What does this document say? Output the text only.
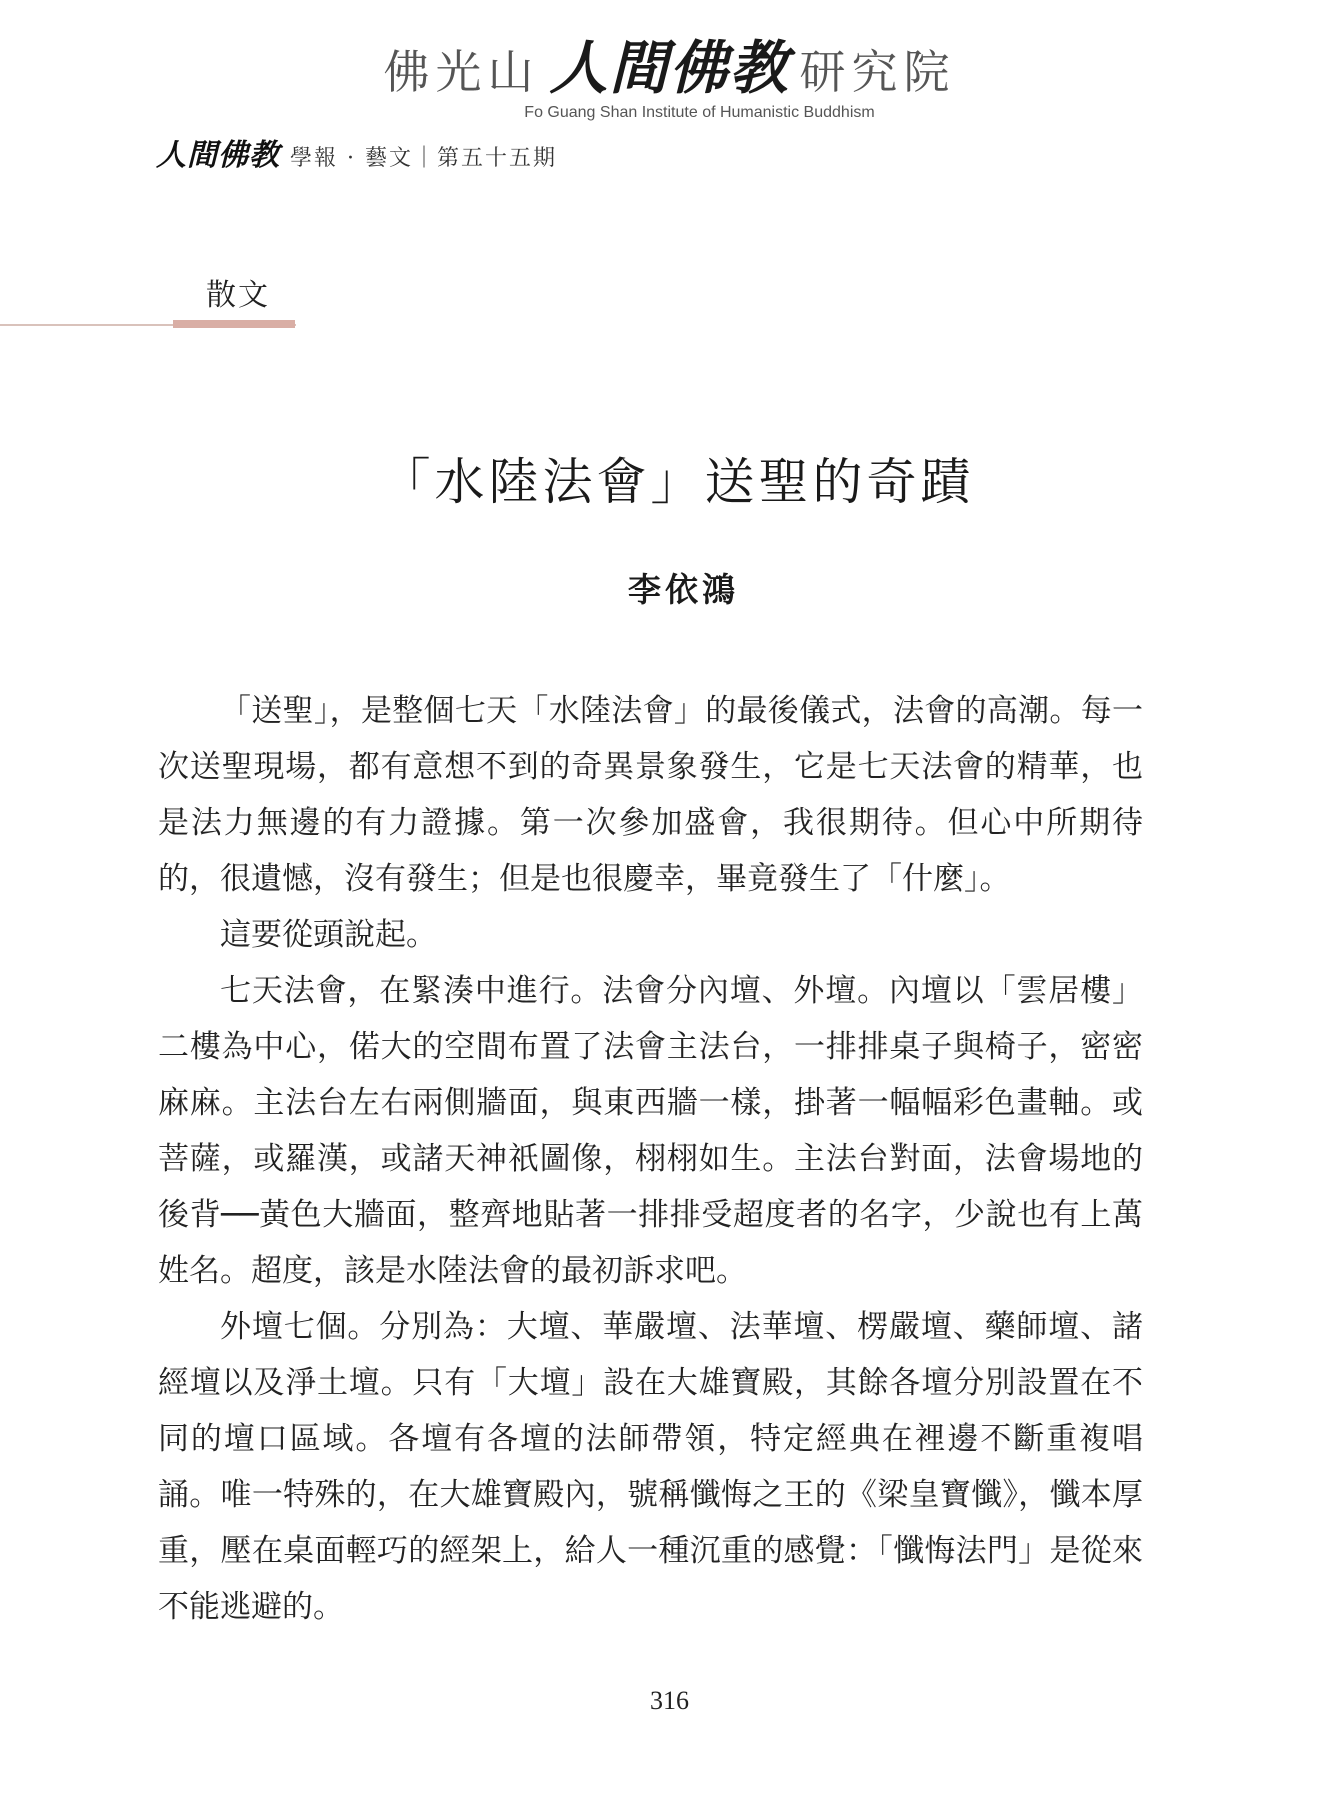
佛光山 人間佛教 研究院
Fo Guang Shan Institute of Humanistic Buddhism
人間佛教 學報 · 藝文｜第五十五期
散文
「水陸法會」送聖的奇蹟
李依鴻

「送聖」，是整個七天「水陸法會」的最後儀式，法會的高潮。每一次送聖現場，都有意想不到的奇異景象發生，它是七天法會的精華，也是法力無邊的有力證據。第一次參加盛會，我很期待。但心中所期待的，很遺憾，沒有發生；但是也很慶幸，畢竟發生了「什麼」。

這要從頭說起。

七天法會，在緊湊中進行。法會分內壇、外壇。內壇以「雲居樓」二樓為中心，偌大的空間布置了法會主法台，一排排桌子與椅子，密密麻麻。主法台左右兩側牆面，與東西牆一樣，掛著一幅幅彩色畫軸。或菩薩，或羅漢，或諸天神祇圖像，栩栩如生。主法台對面，法會場地的後背──黃色大牆面，整齊地貼著一排排受超度者的名字，少說也有上萬姓名。超度，該是水陸法會的最初訴求吧。

外壇七個。分別為：大壇、華嚴壇、法華壇、楞嚴壇、藥師壇、諸經壇以及淨土壇。只有「大壇」設在大雄寶殿，其餘各壇分別設置在不同的壇口區域。各壇有各壇的法師帶領，特定經典在裡邊不斷重複唱誦。唯一特殊的，在大雄寶殿內，號稱懺悔之王的《梁皇寶懺》，懺本厚重，壓在桌面輕巧的經架上，給人一種沉重的感覺：「懺悔法門」是從來不能逃避的。

316
